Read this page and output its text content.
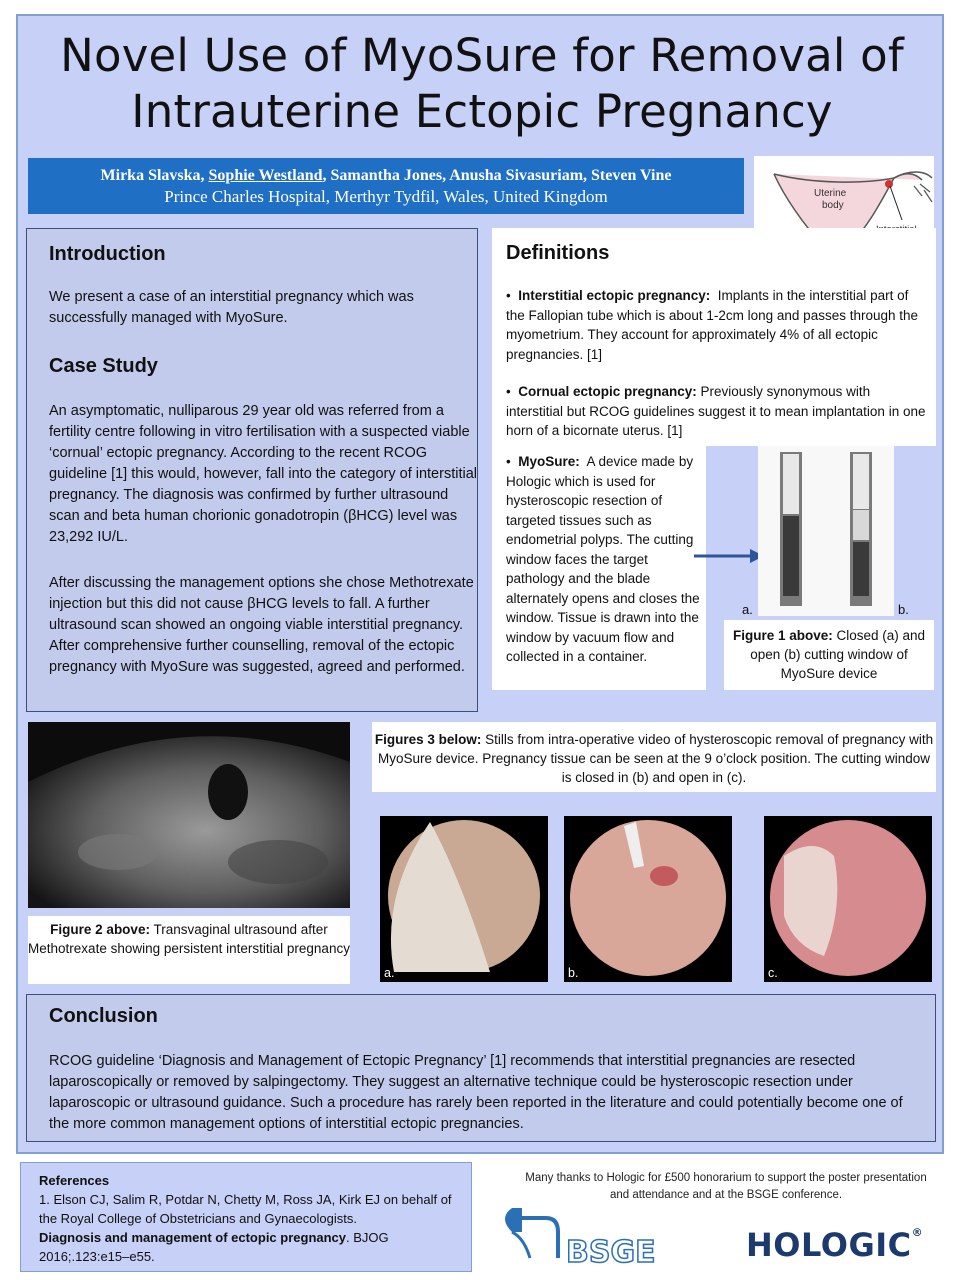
Novel Use of MyoSure for Removal of
Intrauterine Ectopic Pregnancy
Mirka Slavska, Sophie Westland, Samantha Jones, Anusha Sivasuriam, Steven Vine
Prince Charles Hospital, Merthyr Tydfil, Wales, United Kingdom	Uterine
body
Introduction

We present a case of an interstitial pregnancy which was successfully managed with MyoSure.

Case Study

An asymptomatic, nulliparous 29 year old was referred from a fertility centre following in vitro fertilisation with a suspected viable ‘cornual’ ectopic pregnancy. According to the recent RCOG guideline [1] this would, however, fall into the category of interstitial pregnancy. The diagnosis was confirmed by further ultrasound scan and beta human chorionic gonadotropin (βHCG) level was 23,292 IU/L.

After discussing the management options she chose Methotrexate injection but this did not cause βHCG levels to fall. A further ultrasound scan showed an ongoing viable interstitial pregnancy. After comprehensive further counselling, removal of the ectopic pregnancy with MyoSure was suggested, agreed and performed.

Definitions
•  Interstitial ectopic pregnancy: Implants in the interstitial part of the Fallopian tube which is about 1-2cm long and passes through the myometrium. They account for approximately 4% of all ectopic pregnancies. [1]
•  Cornual ectopic pregnancy: Previously synonymous with interstitial but RCOG guidelines suggest it to mean implantation in one horn of a bicornate uterus. [1]
•  MyoSure: A device made by Hologic which is used for hysteroscopic resection of targeted tissues such as endometrial polyps. The cutting window faces the target pathology and the blade alternately opens and closes the window. Tissue is drawn into the window by vacuum flow and collected in a container.
a.	b.
Figure 1 above: Closed (a) and open (b) cutting window of MyoSure device
Figure 2 above: Transvaginal ultrasound after Methotrexate showing persistent interstitial pregnancy
Figures 3 below: Stills from intra-operative video of hysteroscopic removal of pregnancy with MyoSure device. Pregnancy tissue can be seen at the 9 o’clock position. The cutting window is closed in (b) and open in (c).
a.	b.	c.
Conclusion

RCOG guideline ‘Diagnosis and Management of Ectopic Pregnancy’ [1] recommends that interstitial pregnancies are resected laparoscopically or removed by salpingectomy. They suggest an alternative technique could be hysteroscopic resection under laparoscopic or ultrasound guidance. Such a procedure has rarely been reported in the literature and could potentially become one of the more common management options of interstitial ectopic pregnancies.

References

1. Elson CJ, Salim R, Potdar N, Chetty M, Ross JA, Kirk EJ on behalf of the Royal College of Obstetricians and Gynaecologists.

Diagnosis and management of ectopic pregnancy. BJOG 2016;.123:e15–e55.

Many thanks to Hologic for £500 honorarium to support the poster presentation and attendance and at the BSGE conference.
BSGE	HOLOGIC®
